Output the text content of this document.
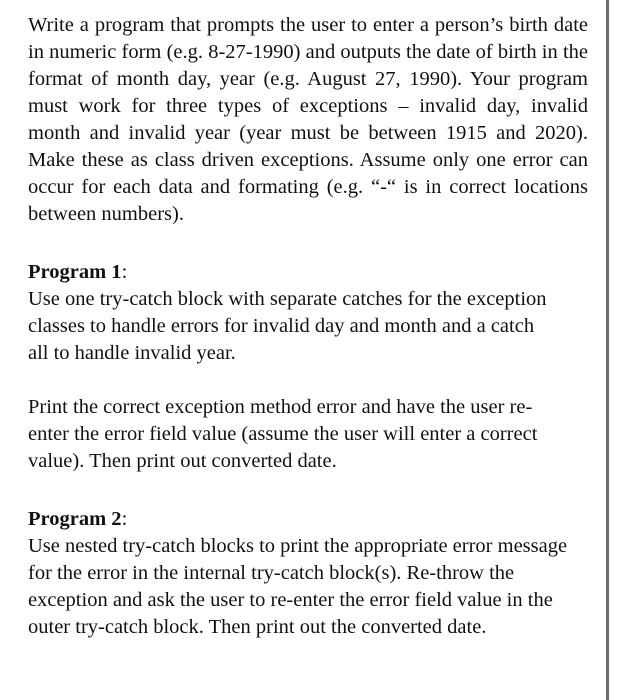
Write a program that prompts the user to enter a person’s birth date in numeric form (e.g. 8-27-1990) and outputs the date of birth in the format of month day, year (e.g. August 27, 1990). Your program must work for three types of exceptions – invalid day, invalid month and invalid year (year must be between 1915 and 2020). Make these as class driven exceptions. Assume only one error can occur for each data and formating (e.g. “-“ is in correct locations between numbers).

Program 1:

Use one try-catch block with separate catches for the exception classes to handle errors for invalid day and month and a catch all to handle invalid year.

Print the correct exception method error and have the user re-enter the error field value (assume the user will enter a correct value). Then print out converted date.

Program 2:

Use nested try-catch blocks to print the appropriate error message for the error in the internal try-catch block(s). Re-throw the exception and ask the user to re-enter the error field value in the outer try-catch block. Then print out the converted date.
